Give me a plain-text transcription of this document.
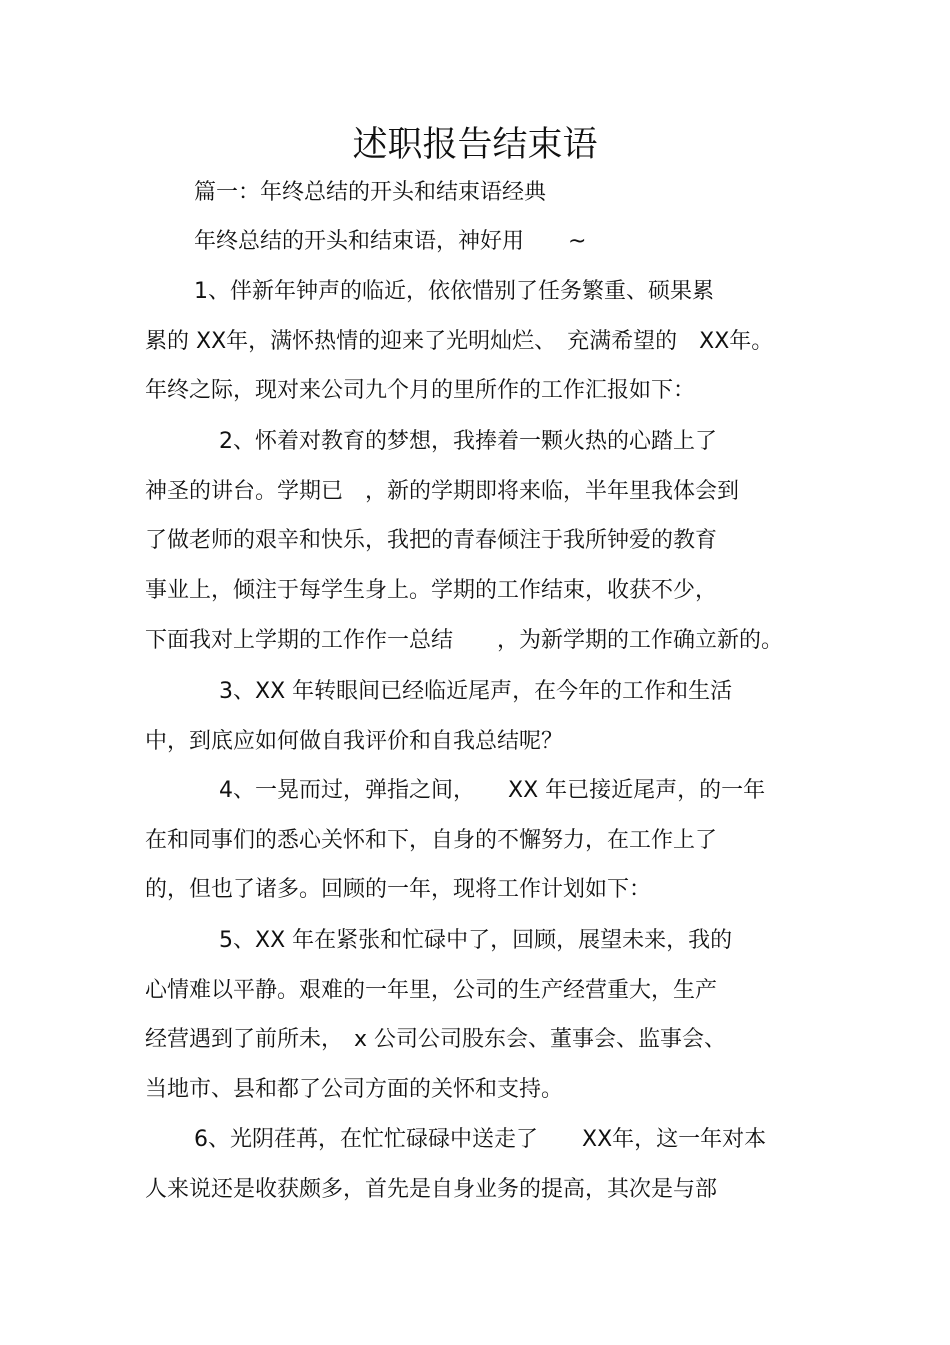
述职报告结束语

篇一：年终总结的开头和结束语经典

年终总结的开头和结束语，神好用　　~

1、伴新年钟声的临近，依依惜别了任务繁重、硕果累

累的 XX年，满怀热情的迎来了光明灿烂、　充满希望的　XX年。

年终之际，现对来公司九个月的里所作的工作汇报如下：

2、怀着对教育的梦想，我捧着一颗火热的心踏上了

神圣的讲台。学期已　，新的学期即将来临，半年里我体会到

了做老师的艰辛和快乐，我把的青春倾注于我所钟爱的教育

事业上，倾注于每学生身上。学期的工作结束，收获不少，

下面我对上学期的工作作一总结　　，为新学期的工作确立新的。

3、XX 年转眼间已经临近尾声，在今年的工作和生活

中，到底应如何做自我评价和自我总结呢？

4、一晃而过，弹指之间，　　XX 年已接近尾声，的一年

在和同事们的悉心关怀和下，自身的不懈努力，在工作上了

的，但也了诸多。回顾的一年，现将工作计划如下：

5、XX 年在紧张和忙碌中了，回顾，展望未来，我的

心情难以平静。艰难的一年里，公司的生产经营重大，生产

经营遇到了前所未，　x 公司公司股东会、董事会、监事会、

当地市、县和都了公司方面的关怀和支持。

6、光阴荏苒，在忙忙碌碌中送走了　　XX年，这一年对本

人来说还是收获颇多，首先是自身业务的提高，其次是与部
